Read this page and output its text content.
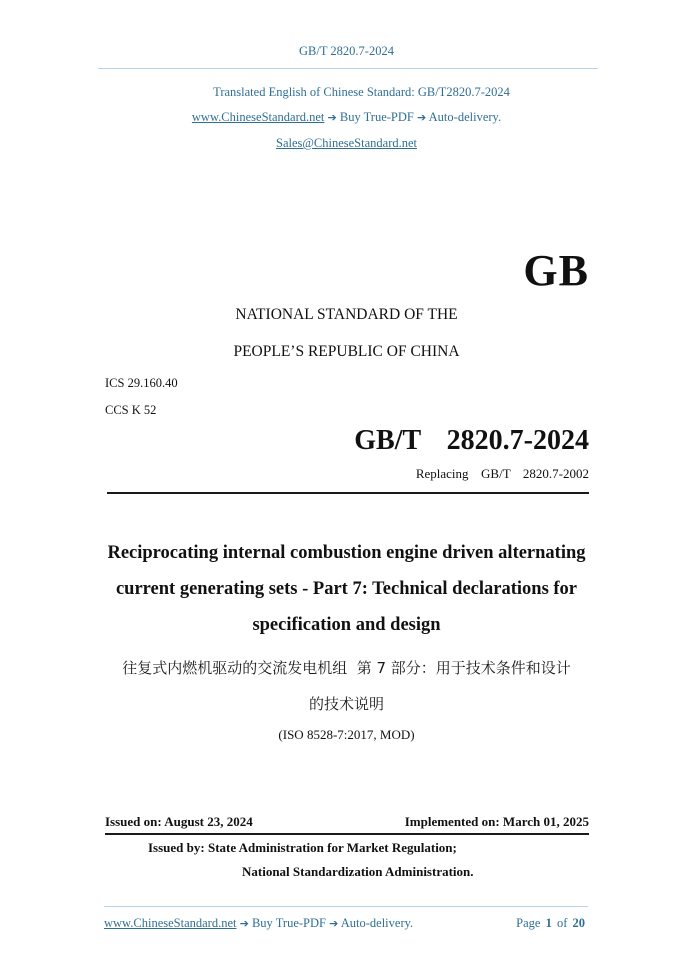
GB/T 2820.7-2024
Translated English of Chinese Standard: GB/T2820.7-2024
www.ChineseStandard.net ➔ Buy True-PDF ➔ Auto-delivery.
Sales@ChineseStandard.net
GB
NATIONAL STANDARD OF THE
PEOPLE’S REPUBLIC OF CHINA
ICS 29.160.40
CCS K 52
GB/T  2820.7-2024
Replacing  GB/T  2820.7-2002
Reciprocating internal combustion engine driven alternating current generating sets - Part 7: Technical declarations for specification and design
往复式内燃机驱动的交流发电机组  第 7 部分：用于技术条件和设计
的技术说明
(ISO 8528-7:2017, MOD)
Issued on: August 23, 2024	Implemented on: March 01, 2025
Issued by: State Administration for Market Regulation;
National Standardization Administration.
www.ChineseStandard.net ➔ Buy True-PDF ➔ Auto-delivery.	Page 1 of 20
